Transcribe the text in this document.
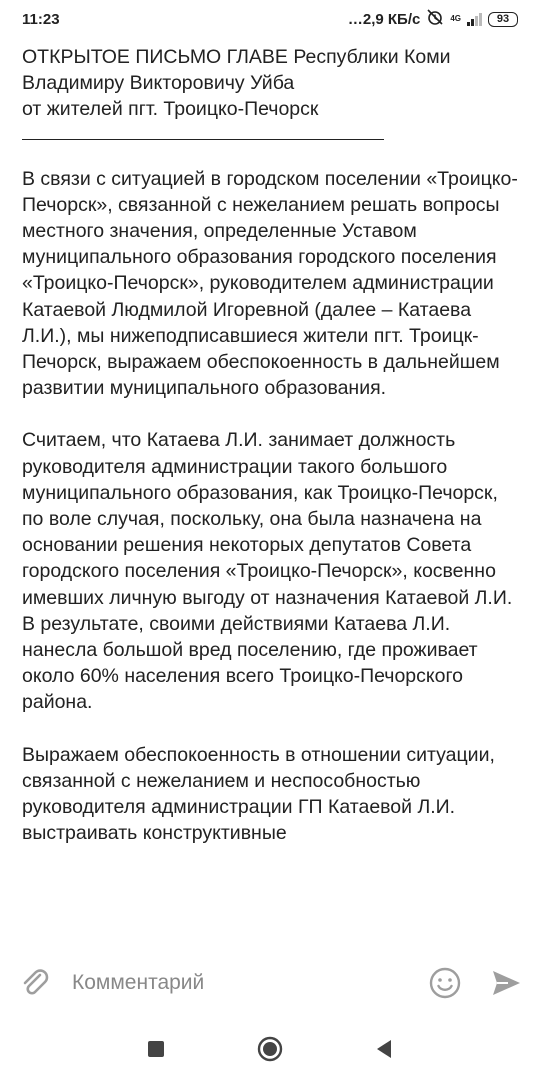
11:23	…2,9 КБ/с	4G	93

ОТКРЫТОЕ ПИСЬМО ГЛАВЕ Республики Коми

Владимиру Викторовичу Уйба

от жителей пгт. Троицко-Печорск

В связи с ситуацией в городском поселении «Троицко-Печорск», связанной с нежеланием решать вопросы местного значения, определенные Уставом муниципального образования городского поселения «Троицко-Печорск», руководителем администрации Катаевой Людмилой Игоревной (далее – Катаева Л.И.), мы нижеподписавшиеся жители пгт. Троицк-Печорск, выражаем обеспокоенность в дальнейшем развитии муниципального образования.

Считаем, что Катаева Л.И. занимает должность руководителя администрации такого большого муниципального образования, как Троицко-Печорск, по воле случая, поскольку, она была назначена на основании решения некоторых депутатов Совета городского поселения «Троицко-Печорск», косвенно имевших личную выгоду от назначения Катаевой Л.И.

В результате, своими действиями Катаева Л.И. нанесла большой вред поселению, где проживает около 60% населения всего Троицко-Печорского района.

Выражаем обеспокоенность в отношении ситуации, связанной с нежеланием и неспособностью руководителя администрации ГП Катаевой Л.И. выстраивать конструктивные

Комментарий
